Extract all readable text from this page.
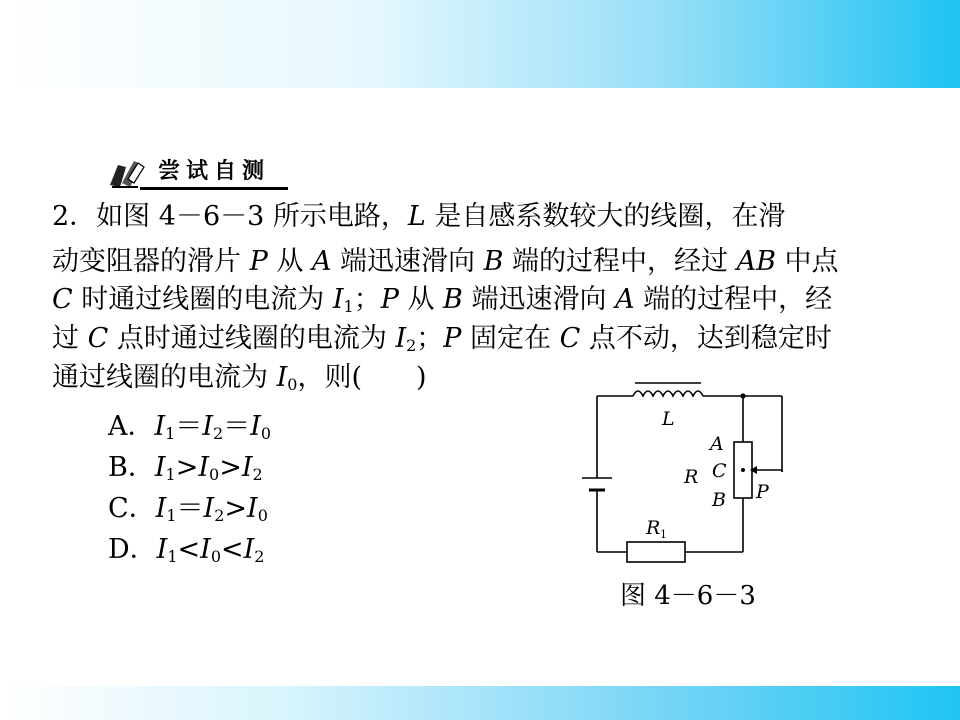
尝试自测
2．如图 4－6－3 所示电路，L 是自感系数较大的线圈，在滑
动变阻器的滑片 P 从 A 端迅速滑向 B 端的过程中，经过 AB 中点
C 时通过线圈的电流为 $I_1$；P 从 B 端迅速滑向 A 端的过程中，经
过 C 点时通过线圈的电流为 $I_2$；P 固定在 C 点不动，达到稳定时
通过线圈的电流为 $I_0$，则(　　)
A．$I_1=I_2=I_0$
B．$I_1>I_0>I_2$
C．$I_1=I_2>I_0$
D．$I_1<I_0<I_2$
L
A
R C
B P
R 1
图 4－6－3
